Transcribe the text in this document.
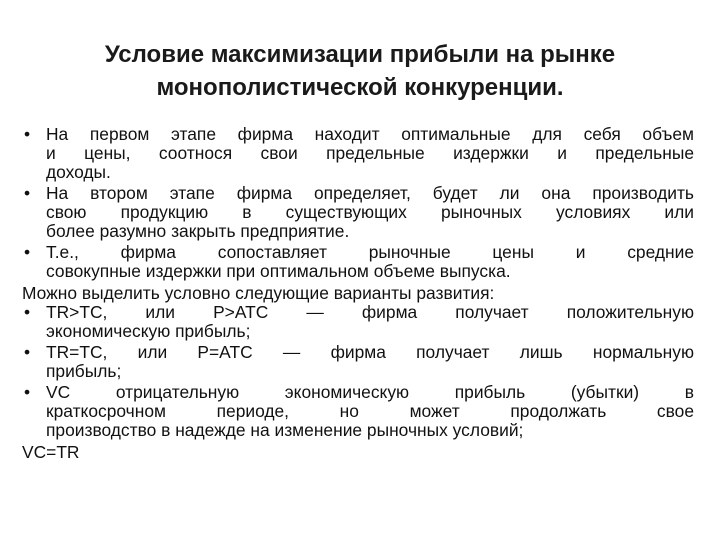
Условие максимизации прибыли на рынке
монополистической конкуренции.
• На первом этапе фирма находит оптимальные для себя объем
и цены, соотнося свои предельные издержки и предельные
доходы.
• На втором этапе фирма определяет, будет ли она производить
свою продукцию в существующих рыночных условиях или
более разумно закрыть предприятие.
• Т.е., фирма сопоставляет рыночные цены и средние
совокупные издержки при оптимальном объеме выпуска.
Можно выделить условно следующие варианты развития:
• TR>TC, или P>ATC — фирма получает положительную
экономическую прибыль;
• TR=TC, или P=ATC — фирма получает лишь нормальную
прибыль;
• VC отрицательную экономическую прибыль (убытки) в
краткосрочном периоде, но может продолжать свое
производство в надежде на изменение рыночных условий;
VC=TR
